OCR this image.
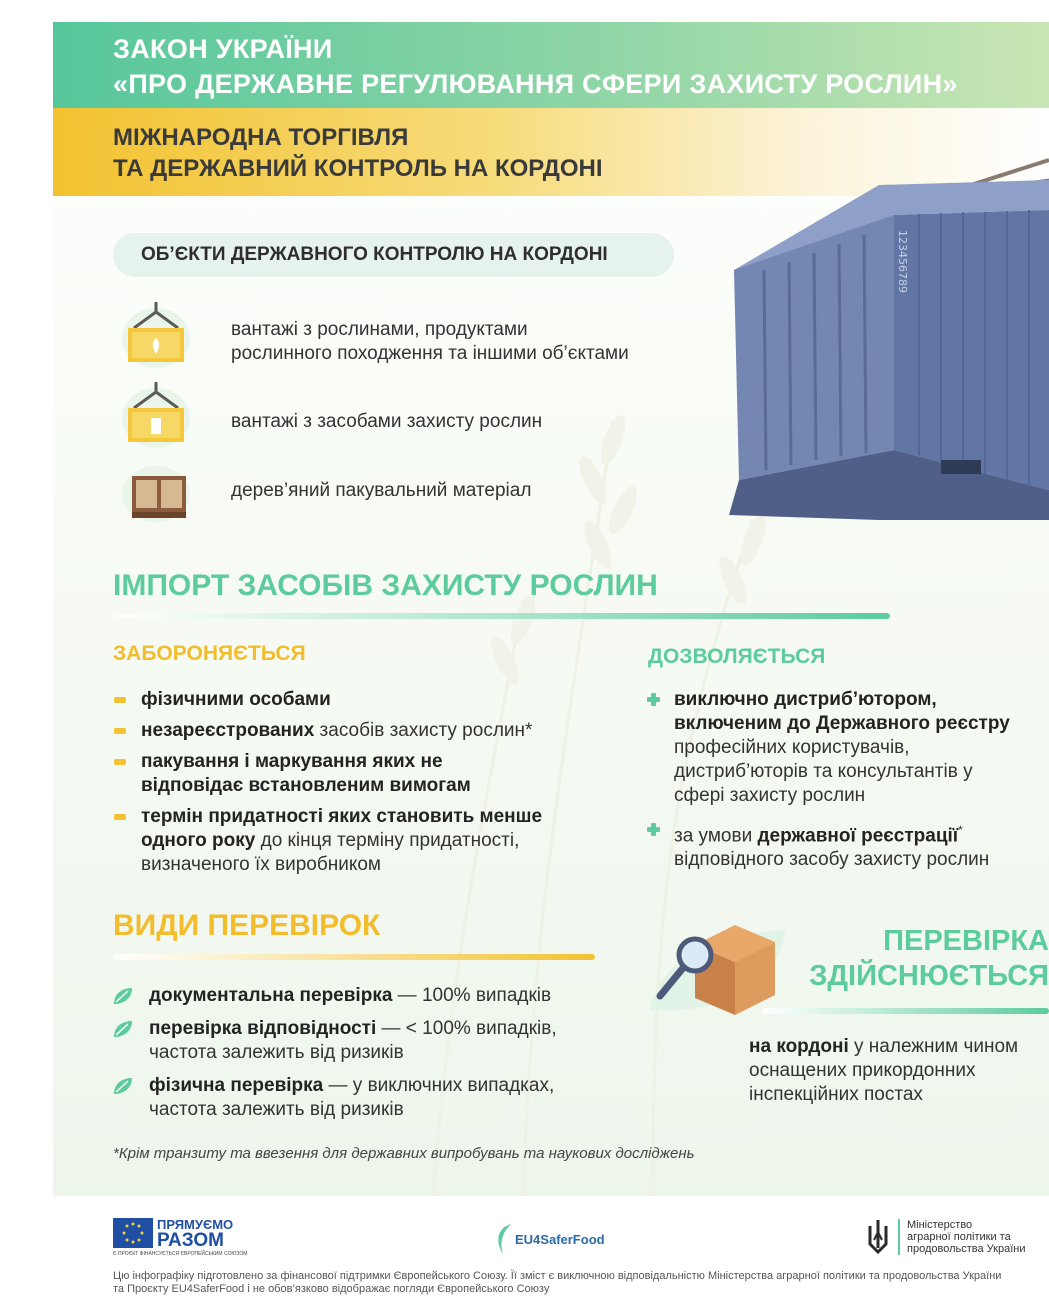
ЗАКОН УКРАЇНИ
«ПРО ДЕРЖАВНЕ РЕГУЛЮВАННЯ СФЕРИ ЗАХИСТУ РОСЛИН»
МІЖНАРОДНА ТОРГІВЛЯ
ТА ДЕРЖАВНИЙ КОНТРОЛЬ НА КОРДОНІ
123456789
ОБ’ЄКТИ ДЕРЖАВНОГО КОНТРОЛЮ НА КОРДОНІ
вантажі з рослинами, продуктами
рослинного походження та іншими об’єктами
вантажі з засобами захисту рослин
дерев’яний пакувальний матеріал
ІМПОРТ ЗАСОБІВ ЗАХИСТУ РОСЛИН
ЗАБОРОНЯЄТЬСЯ
фізичними особами
незареєстрованих засобів захисту рослин*
пакування і маркування яких не
відповідає встановленим вимогам
термін придатності яких становить менше
одного року до кінця терміну придатності,
визначеного їх виробником
ДОЗВОЛЯЄТЬСЯ
виключно дистриб’ютором,
включеним до Державного реєстру
професійних користувачів,
дистриб’юторів та консультантів у
сфері захисту рослин
за умови державної реєстрації*
відповідного засобу захисту рослин
ВИДИ ПЕРЕВІРОК
документальна перевірка — 100% випадків
перевірка відповідності — < 100% випадків,
частота залежить від ризиків
фізична перевірка — у виключних випадках,
частота залежить від ризиків
ПЕРЕВІРКА
ЗДІЙСНЮЄТЬСЯ
на кордоні у належним чином
оснащених прикордонних
інспекційних постах
*Крім транзиту та ввезення для державних випробувань та наукових досліджень
ПРЯМУЄМО
РАЗОМ
Є ПРОЄКТ ФІНАНСУЄТЬСЯ ЄВРОПЕЙСЬКИМ СОЮЗОМ
EU4SaferFood
Міністерство
аграрної політики та
продовольства України
Цю інфографіку підготовлено за фінансової підтримки Європейського Союзу. Її зміст є виключною відповідальністю Міністерства аграрної політики та продовольства України
та Проєкту EU4SaferFood і не обов’язково відображає погляди Європейського Союзу
